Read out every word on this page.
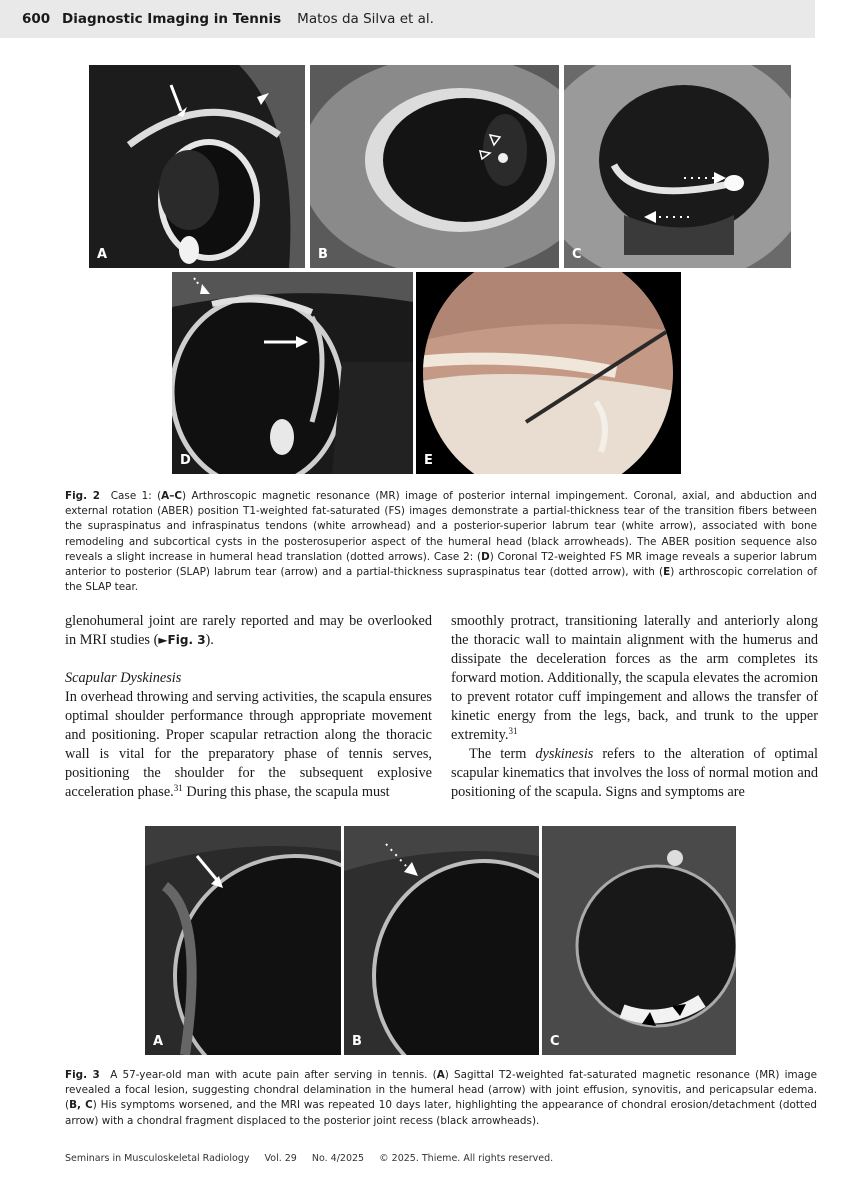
600 Diagnostic Imaging in Tennis Matos da Silva et al.
A	B	C
D	E
Fig. 2 Case 1: (A–C) Arthroscopic magnetic resonance (MR) image of posterior internal impingement. Coronal, axial, and abduction and external rotation (ABER) position T1-weighted fat-saturated (FS) images demonstrate a partial-thickness tear of the transition fibers between the supraspinatus and infraspinatus tendons (white arrowhead) and a posterior-superior labrum tear (white arrow), associated with bone remodeling and subcortical cysts in the posterosuperior aspect of the humeral head (black arrowheads). The ABER position sequence also reveals a slight increase in humeral head translation (dotted arrows). Case 2: (D) Coronal T2-weighted FS MR image reveals a superior labrum anterior to posterior (SLAP) labrum tear (arrow) and a partial-thickness supraspinatus tear (dotted arrow), with (E) arthroscopic correlation of the SLAP tear.

glenohumeral joint are rarely reported and may be overlooked in MRI studies (►Fig. 3).

Scapular Dyskinesis

In overhead throwing and serving activities, the scapula ensures optimal shoulder performance through appropriate movement and positioning. Proper scapular retraction along the thoracic wall is vital for the preparatory phase of tennis serves, positioning the shoulder for the subsequent explosive acceleration phase.$^{31}$ During this phase, the scapula must

smoothly protract, transitioning laterally and anteriorly along the thoracic wall to maintain alignment with the humerus and dissipate the deceleration forces as the arm completes its forward motion. Additionally, the scapula elevates the acromion to prevent rotator cuff impingement and allows the transfer of kinetic energy from the legs, back, and trunk to the upper extremity.$^{31}$

The term dyskinesis refers to the alteration of optimal scapular kinematics that involves the loss of normal motion and positioning of the scapula. Signs and symptoms are

A	B	C
Fig. 3 A 57-year-old man with acute pain after serving in tennis. (A) Sagittal T2-weighted fat-saturated magnetic resonance (MR) image revealed a focal lesion, suggesting chondral delamination in the humeral head (arrow) with joint effusion, synovitis, and pericapsular edema. (B, C) His symptoms worsened, and the MRI was repeated 10 days later, highlighting the appearance of chondral erosion/detachment (dotted arrow) with a chondral fragment displaced to the posterior joint recess (black arrowheads).
Seminars in Musculoskeletal Radiology Vol. 29 No. 4/2025 © 2025. Thieme. All rights reserved.
